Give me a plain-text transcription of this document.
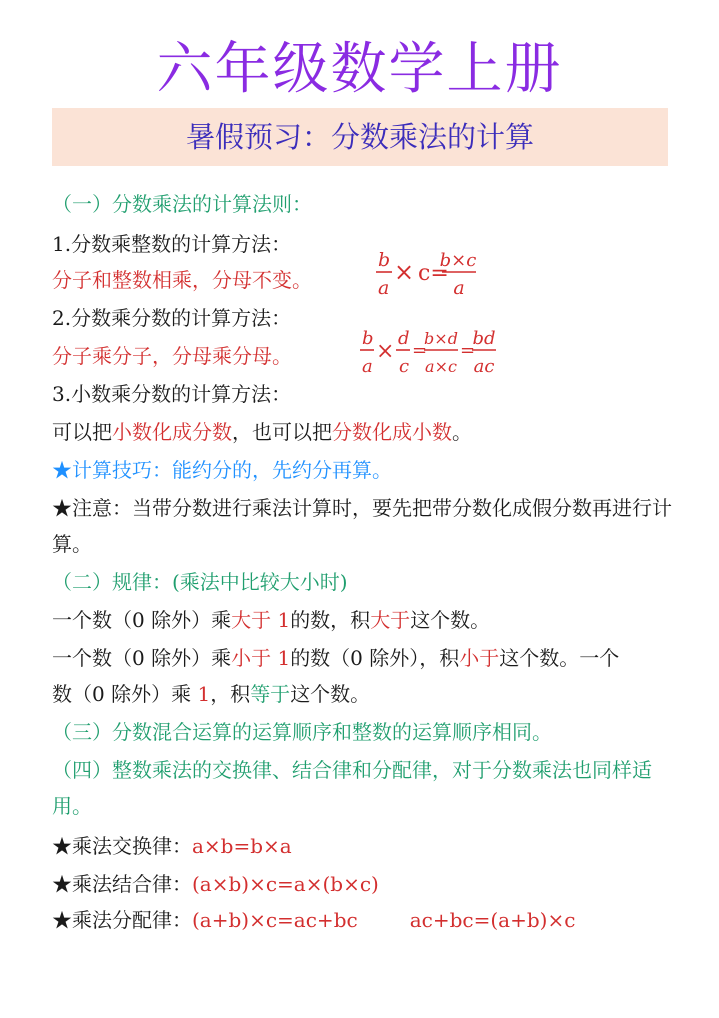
六年级数学上册
暑假预习：分数乘法的计算
（一）分数乘法的计算法则：
1.分数乘整数的计算方法：
分子和整数相乘，分母不变。
2.分数乘分数的计算方法：
分子乘分子，分母乘分母。
3.小数乘分数的计算方法：
可以把小数化成分数，也可以把分数化成小数。
★计算技巧：能约分的，先约分再算。
★注意：当带分数进行乘法计算时，要先把带分数化成假分数再进行计算。
b
a
× c=
b×c
a
b
a
×
d
c
=
b×d
a×c
=
bd
ac
（二）规律：(乘法中比较大小时)
一个数（0 除外）乘大于 1的数，积大于这个数。
一个数（0 除外）乘小于 1的数（0 除外），积小于这个数。一个
数（0 除外）乘 1，积等于这个数。
（三）分数混合运算的运算顺序和整数的运算顺序相同。
（四）整数乘法的交换律、结合律和分配律，对于分数乘法也同样适用。
★乘法交换律：a×b=b×a
★乘法结合律：(a×b)×c=a×(b×c)
★乘法分配律：(a+b)×c=ac+bc	ac+bc=(a+b)×c
